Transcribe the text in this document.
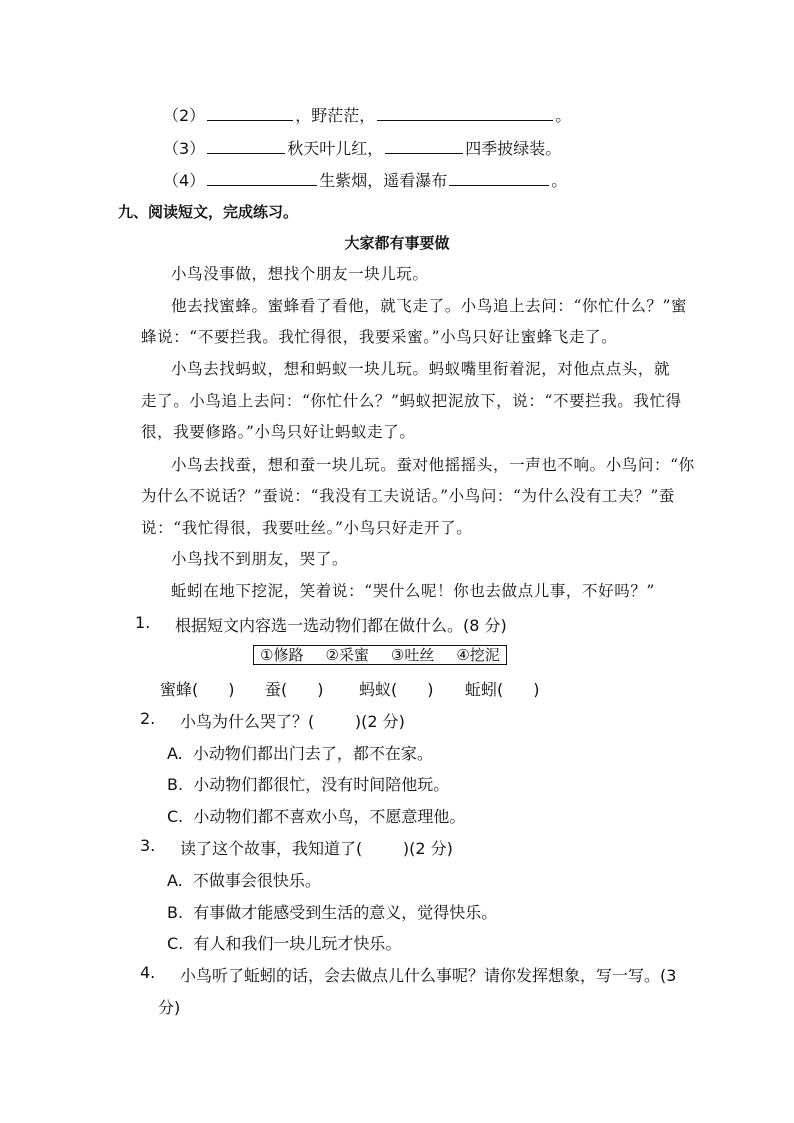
（2）	，野茫茫，	。
（3）	秋天叶儿红，	四季披绿装。
（4）	生紫烟，遥看瀑布	。
九、阅读短文，完成练习。
大家都有事要做
小鸟没事做，想找个朋友一块儿玩。
他去找蜜蜂。蜜蜂看了看他，就飞走了。小鸟追上去问：“你忙什么？”蜜
蜂说：“不要拦我。我忙得很，我要采蜜。”小鸟只好让蜜蜂飞走了。
小鸟去找蚂蚁，想和蚂蚁一块儿玩。蚂蚁嘴里衔着泥，对他点点头，就
走了。小鸟追上去问：“你忙什么？”蚂蚁把泥放下，说：“不要拦我。我忙得
很，我要修路。”小鸟只好让蚂蚁走了。
小鸟去找蚕，想和蚕一块儿玩。蚕对他摇摇头，一声也不响。小鸟问：“你
为什么不说话？”蚕说：“我没有工夫说话。”小鸟问：“为什么没有工夫？”蚕
说：“我忙得很，我要吐丝。”小鸟只好走开了。
小鸟找不到朋友，哭了。
蚯蚓在地下挖泥，笑着说：“哭什么呢！你也去做点儿事，不好吗？”
1. 根据短文内容选一选动物们都在做什么。(8 分)
①修路 ②采蜜 ③吐丝 ④挖泥
蜜蜂( ) 蚕( ) 蚂蚁( ) 蚯蚓( )
2. 小鸟为什么哭了？(        )(2 分)
A.  小动物们都出门去了，都不在家。
B.  小动物们都很忙，没有时间陪他玩。
C.  小动物们都不喜欢小鸟，不愿意理他。
3. 读了这个故事，我知道了(        )(2 分)
A.  不做事会很快乐。
B.  有事做才能感受到生活的意义，觉得快乐。
C.  有人和我们一块儿玩才快乐。
4. 小鸟听了蚯蚓的话，会去做点儿什么事呢？请你发挥想象，写一写。(3
分)
